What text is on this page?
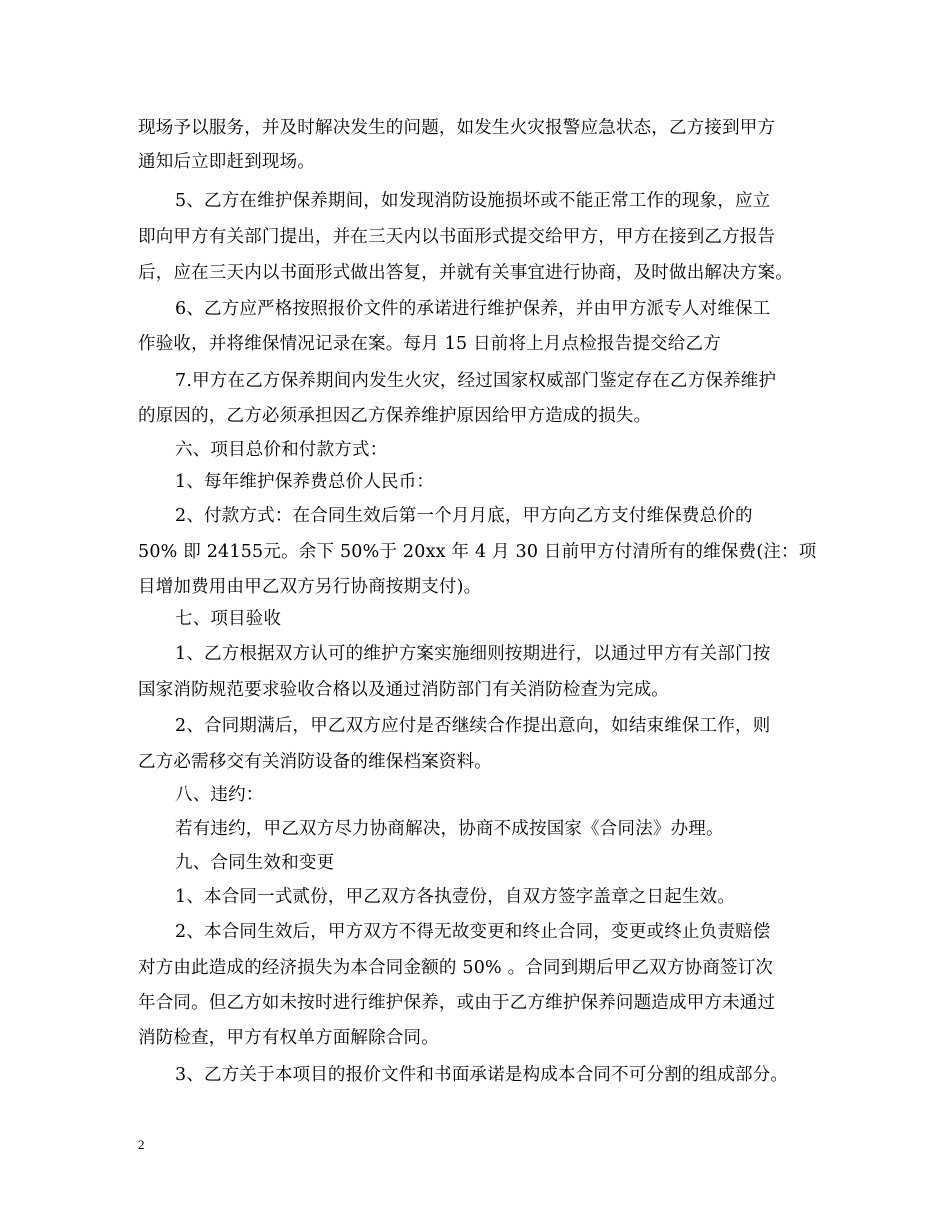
现场予以服务，并及时解决发生的问题，如发生火灾报警应急状态，乙方接到甲方
通知后立即赶到现场。
5、乙方在维护保养期间，如发现消防设施损坏或不能正常工作的现象，应立
即向甲方有关部门提出，并在三天内以书面形式提交给甲方，甲方在接到乙方报告
后，应在三天内以书面形式做出答复，并就有关事宜进行协商，及时做出解决方案。
6、乙方应严格按照报价文件的承诺进行维护保养，并由甲方派专人对维保工
作验收，并将维保情况记录在案。每月 15 日前将上月点检报告提交给乙方
7.甲方在乙方保养期间内发生火灾，经过国家权威部门鉴定存在乙方保养维护
的原因的，乙方必须承担因乙方保养维护原因给甲方造成的损失。
六、项目总价和付款方式：
1、每年维护保养费总价人民币：
2、付款方式：在合同生效后第一个月月底，甲方向乙方支付维保费总价的
50% 即 24155元。余下 50%于 20xx 年 4 月 30 日前甲方付清所有的维保费(注：项
目增加费用由甲乙双方另行协商按期支付)。
七、项目验收
1、乙方根据双方认可的维护方案实施细则按期进行，以通过甲方有关部门按
国家消防规范要求验收合格以及通过消防部门有关消防检查为完成。
2、合同期满后，甲乙双方应付是否继续合作提出意向，如结束维保工作，则
乙方必需移交有关消防设备的维保档案资料。
八、违约：
若有违约，甲乙双方尽力协商解决，协商不成按国家《合同法》办理。
九、合同生效和变更
1、本合同一式贰份，甲乙双方各执壹份，自双方签字盖章之日起生效。
2、本合同生效后，甲方双方不得无故变更和终止合同，变更或终止负责赔偿
对方由此造成的经济损失为本合同金额的 50% 。合同到期后甲乙双方协商签订次
年合同。但乙方如未按时进行维护保养，或由于乙方维护保养问题造成甲方未通过
消防检查，甲方有权单方面解除合同。
3、乙方关于本项目的报价文件和书面承诺是构成本合同不可分割的组成部分。
2
